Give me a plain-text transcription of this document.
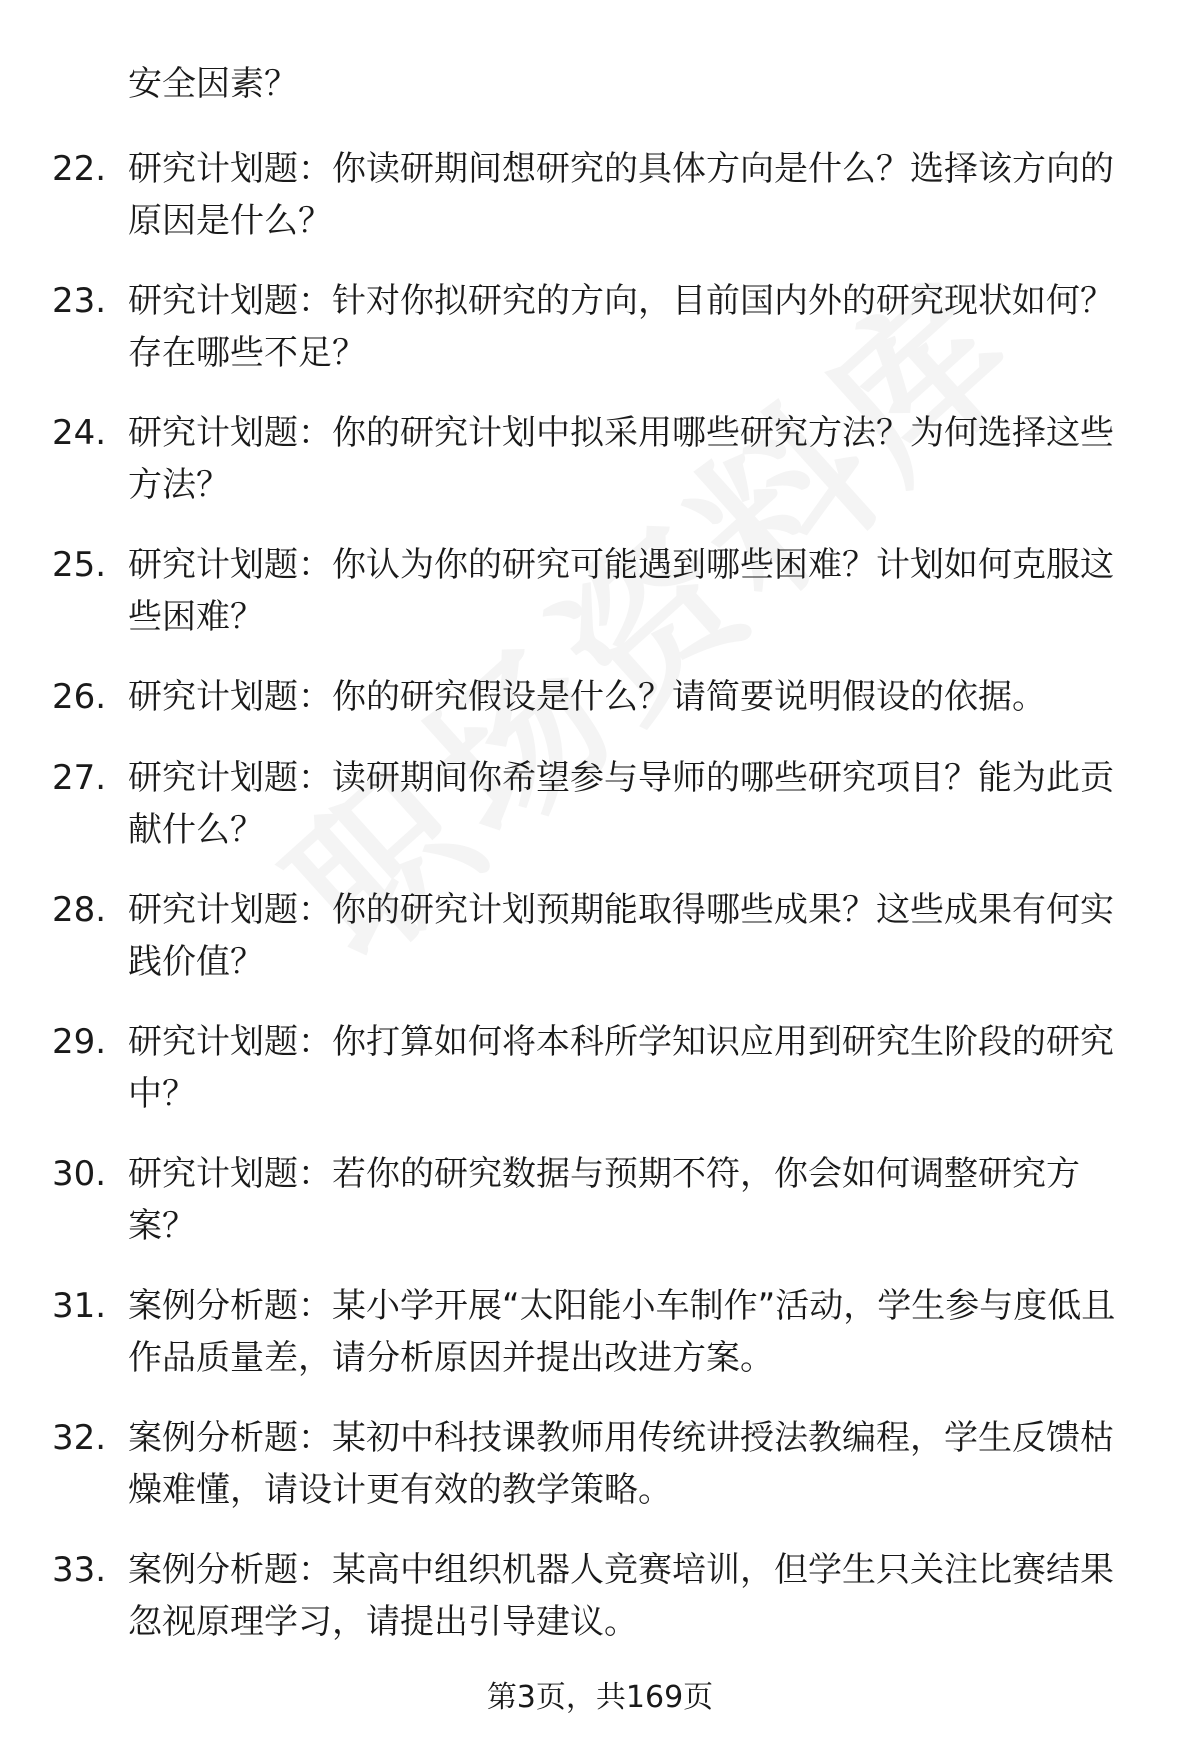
安全因素？
22. 研究计划题：你读研期间想研究的具体方向是什么？选择该方向的原因是什么？
23. 研究计划题：针对你拟研究的方向，目前国内外的研究现状如何？存在哪些不足？
24. 研究计划题：你的研究计划中拟采用哪些研究方法？为何选择这些方法？
25. 研究计划题：你认为你的研究可能遇到哪些困难？计划如何克服这些困难？
26. 研究计划题：你的研究假设是什么？请简要说明假设的依据。
27. 研究计划题：读研期间你希望参与导师的哪些研究项目？能为此贡献什么？
28. 研究计划题：你的研究计划预期能取得哪些成果？这些成果有何实践价值？
29. 研究计划题：你打算如何将本科所学知识应用到研究生阶段的研究中？
30. 研究计划题：若你的研究数据与预期不符，你会如何调整研究方案？
31. 案例分析题：某小学开展“太阳能小车制作”活动，学生参与度低且作品质量差，请分析原因并提出改进方案。
32. 案例分析题：某初中科技课教师用传统讲授法教编程，学生反馈枯燥难懂，请设计更有效的教学策略。
33. 案例分析题：某高中组织机器人竞赛培训，但学生只关注比赛结果忽视原理学习，请提出引导建议。
第3页，共169页
